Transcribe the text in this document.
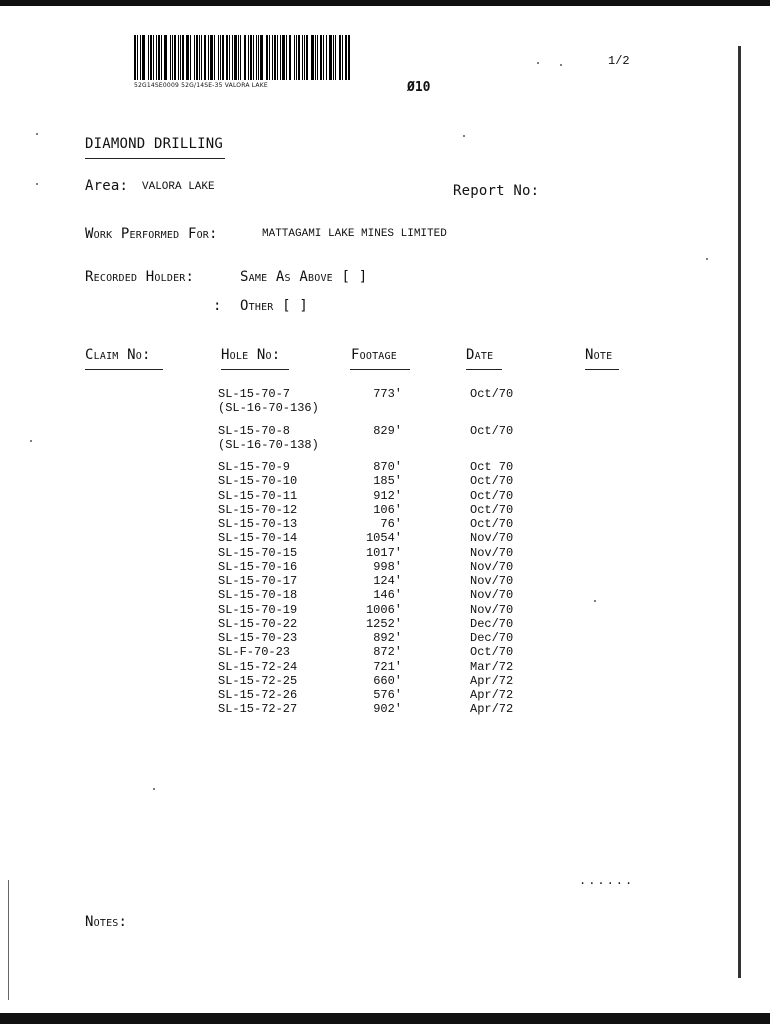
52G14SE0009 52G/14SE-35 VALORA LAKE	Ø10
1/2
DIAMOND DRILLING
Area: VALORA LAKE	Report No:
Work Performed For:	MATTAGAMI LAKE MINES LIMITED
Recorded Holder:	Same As Above [ ]
: Other [ ]
Claim No:	Hole No:	Footage	Date	Note
SL-15-70-7	773'	Oct/70
(SL-16-70-136)
SL-15-70-8	829'	Oct/70
(SL-16-70-138)
SL-15-70-9	870'	Oct 70
SL-15-70-10	185'	Oct/70
SL-15-70-11	912'	Oct/70
SL-15-70-12	106'	Oct/70
SL-15-70-13	76'	Oct/70
SL-15-70-14	1054'	Nov/70
SL-15-70-15	1017'	Nov/70
SL-15-70-16	998'	Nov/70
SL-15-70-17	124'	Nov/70
SL-15-70-18	146'	Nov/70
SL-15-70-19	1006'	Nov/70
SL-15-70-22	1252'	Dec/70
SL-15-70-23	892'	Dec/70
SL-F-70-23	872'	Oct/70
SL-15-72-24	721'	Mar/72
SL-15-72-25	660'	Apr/72
SL-15-72-26	576'	Apr/72
SL-15-72-27	902'	Apr/72
......
Notes:
